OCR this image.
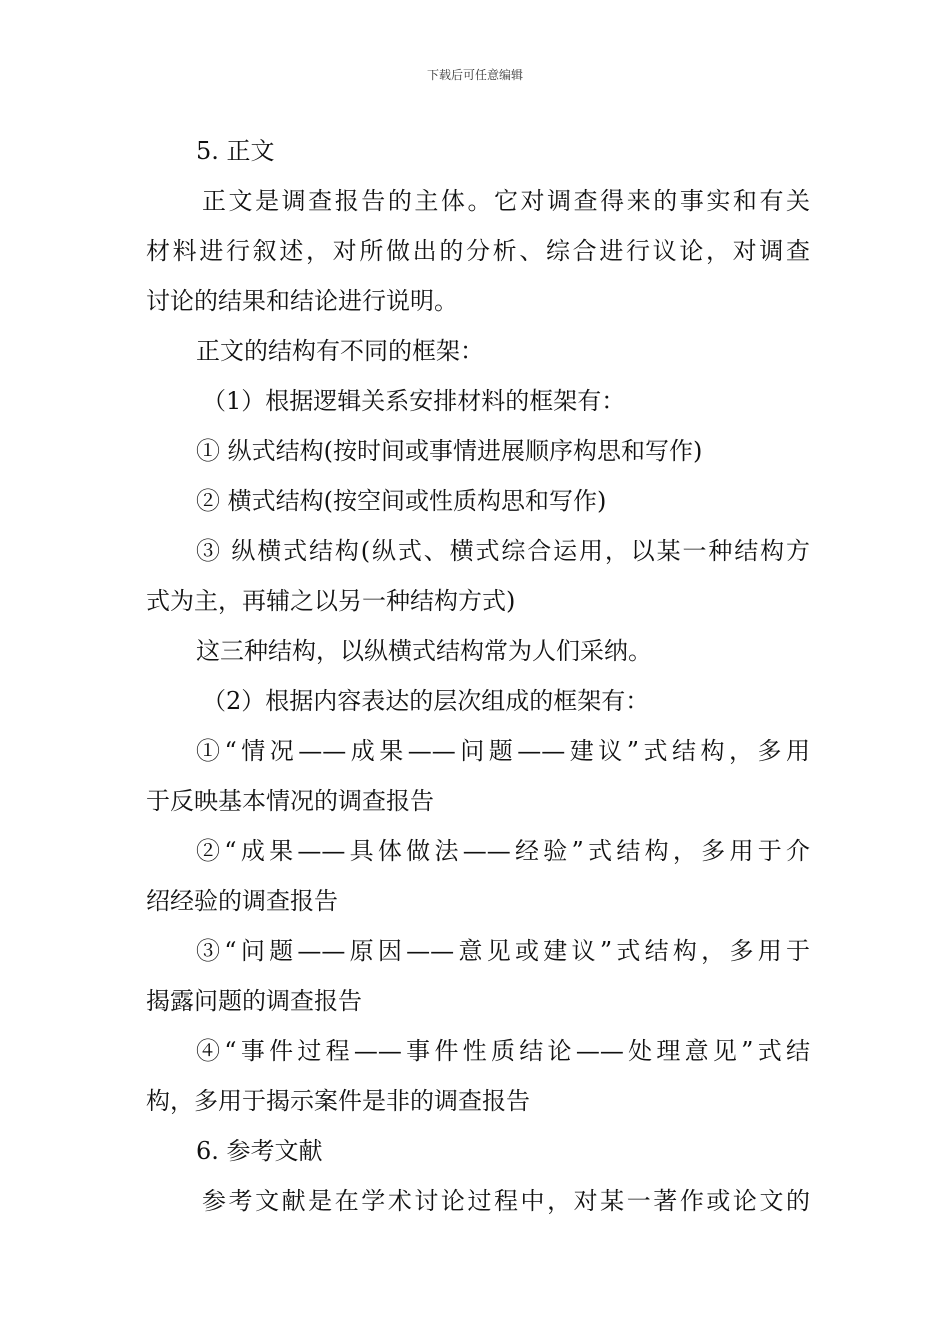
下载后可任意编辑

5. 正文

正文是调查报告的主体。它对调查得来的事实和有关

材料进行叙述，对所做出的分析、综合进行议论，对调查

讨论的结果和结论进行说明。

正文的结构有不同的框架：

（1）根据逻辑关系安排材料的框架有：

① 纵式结构(按时间或事情进展顺序构思和写作)

② 横式结构(按空间或性质构思和写作)

③ 纵横式结构(纵式、横式综合运用，以某一种结构方

式为主，再辅之以另一种结构方式)

这三种结构，以纵横式结构常为人们采纳。

（2）根据内容表达的层次组成的框架有：

①“情况——成果——问题——建议”式结构，多用

于反映基本情况的调查报告

②“成果——具体做法——经验”式结构，多用于介

绍经验的调查报告

③“问题——原因——意见或建议”式结构，多用于

揭露问题的调查报告

④“事件过程——事件性质结论——处理意见”式结

构，多用于揭示案件是非的调查报告

6. 参考文献

参考文献是在学术讨论过程中，对某一著作或论文的
